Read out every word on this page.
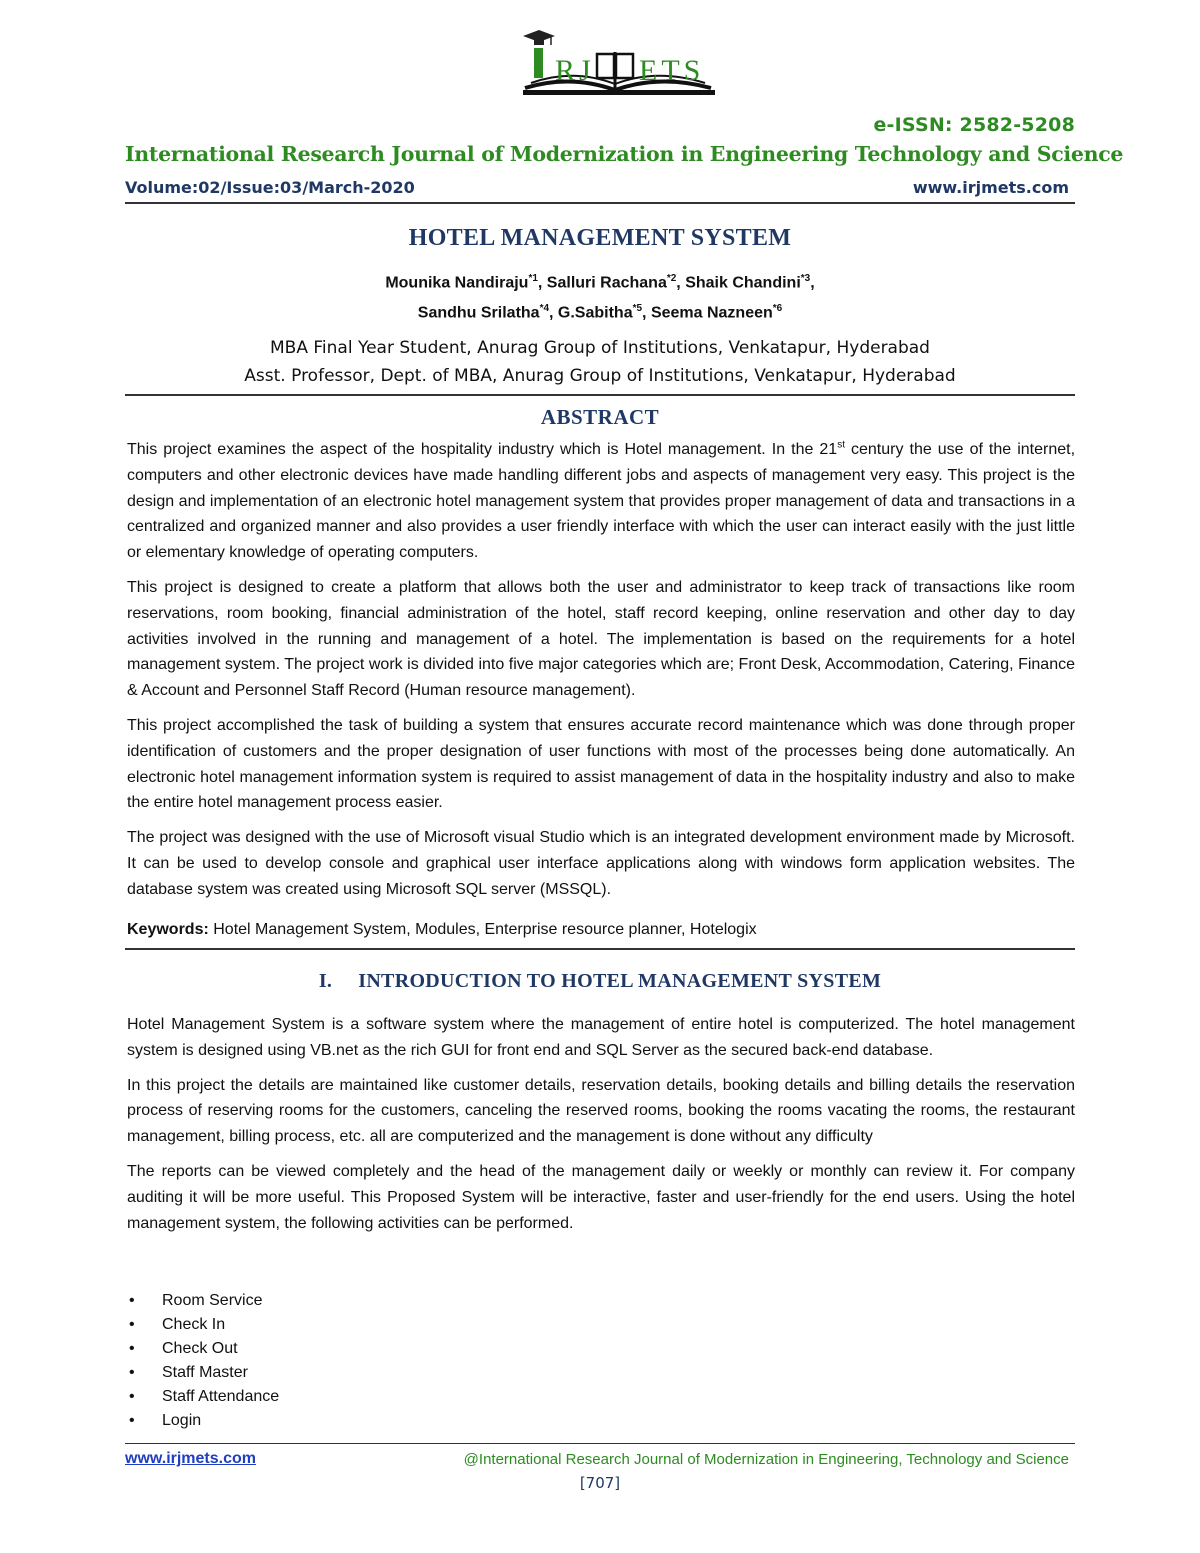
RJ ETS
e-ISSN: 2582-5208
International Research Journal of Modernization in Engineering Technology and Science
Volume:02/Issue:03/March-2020	www.irjmets.com
HOTEL MANAGEMENT SYSTEM
Mounika Nandiraju$^{*1}$, Salluri Rachana$^{*2}$, Shaik Chandini$^{*3}$,
Sandhu Srilatha$^{*4}$, G.Sabitha$^{*5}$, Seema Nazneen$^{*6}$
MBA Final Year Student, Anurag Group of Institutions, Venkatapur, Hyderabad
Asst. Professor, Dept. of MBA, Anurag Group of Institutions, Venkatapur, Hyderabad
ABSTRACT

This project examines the aspect of the hospitality industry which is Hotel management. In the 21st century the use of the internet, computers and other electronic devices have made handling different jobs and aspects of management very easy. This project is the design and implementation of an electronic hotel management system that provides proper management of data and transactions in a centralized and organized manner and also provides a user friendly interface with which the user can interact easily with the just little or elementary knowledge of operating computers.

This project is designed to create a platform that allows both the user and administrator to keep track of transactions like room reservations, room booking, financial administration of the hotel, staff record keeping, online reservation and other day to day activities involved in the running and management of a hotel. The implementation is based on the requirements for a hotel management system. The project work is divided into five major categories which are; Front Desk, Accommodation, Catering, Finance & Account and Personnel Staff Record (Human resource management).

This project accomplished the task of building a system that ensures accurate record maintenance which was done through proper identification of customers and the proper designation of user functions with most of the processes being done automatically. An electronic hotel management information system is required to assist management of data in the hospitality industry and also to make the entire hotel management process easier.

The project was designed with the use of Microsoft visual Studio which is an integrated development environment made by Microsoft. It can be used to develop console and graphical user interface applications along with windows form application websites. The database system was created using Microsoft SQL server (MSSQL).

Keywords: Hotel Management System, Modules, Enterprise resource planner, Hotelogix
I. INTRODUCTION TO HOTEL MANAGEMENT SYSTEM

Hotel Management System is a software system where the management of entire hotel is computerized. The hotel management system is designed using VB.net as the rich GUI for front end and SQL Server as the secured back-end database.

In this project the details are maintained like customer details, reservation details, booking details and billing details the reservation process of reserving rooms for the customers, canceling the reserved rooms, booking the rooms vacating the rooms, the restaurant management, billing process, etc. all are computerized and the management is done without any difficulty

The reports can be viewed completely and the head of the management daily or weekly or monthly can review it. For company auditing it will be more useful. This Proposed System will be interactive, faster and user-friendly for the end users. Using the hotel management system, the following activities can be performed.

• Room Service
• Check In
• Check Out
• Staff Master
• Staff Attendance
• Login
www.irjmets.com	@International Research Journal of Modernization in Engineering, Technology and Science
[707]
